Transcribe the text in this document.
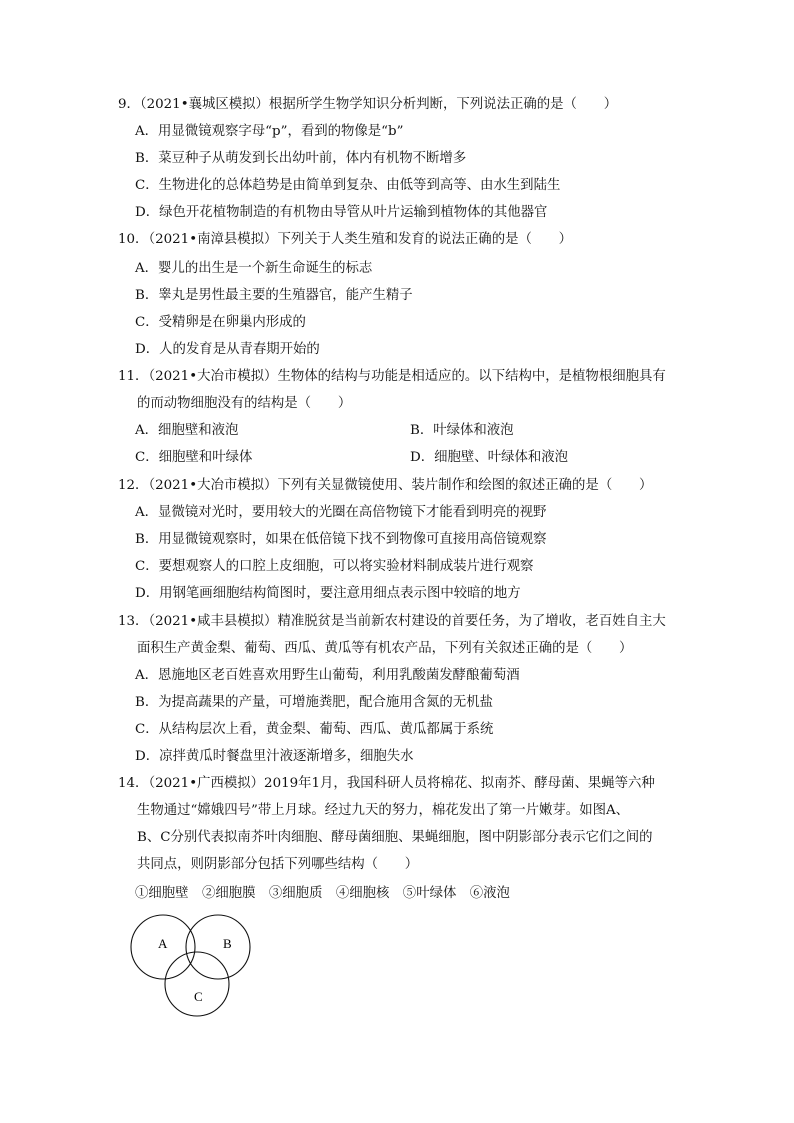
9．（2021•襄城区模拟）根据所学生物学知识分析判断，下列说法正确的是（　　）
A．用显微镜观察字母“p”，看到的物像是“b”
B．菜豆种子从萌发到长出幼叶前，体内有机物不断增多
C．生物进化的总体趋势是由简单到复杂、由低等到高等、由水生到陆生
D．绿色开花植物制造的有机物由导管从叶片运输到植物体的其他器官
10．（2021•南漳县模拟）下列关于人类生殖和发育的说法正确的是（　　）
A．婴儿的出生是一个新生命诞生的标志
B．睾丸是男性最主要的生殖器官，能产生精子
C．受精卵是在卵巢内形成的
D．人的发育是从青春期开始的
11．（2021•大冶市模拟）生物体的结构与功能是相适应的。以下结构中，是植物根细胞具有
的而动物细胞没有的结构是（　　）
A．细胞壁和液泡	B．叶绿体和液泡
C．细胞壁和叶绿体	D．细胞壁、叶绿体和液泡
12．（2021•大冶市模拟）下列有关显微镜使用、装片制作和绘图的叙述正确的是（　　）
A．显微镜对光时，要用较大的光圈在高倍物镜下才能看到明亮的视野
B．用显微镜观察时，如果在低倍镜下找不到物像可直接用高倍镜观察
C．要想观察人的口腔上皮细胞，可以将实验材料制成装片进行观察
D．用钢笔画细胞结构简图时，要注意用细点表示图中较暗的地方
13．（2021•咸丰县模拟）精准脱贫是当前新农村建设的首要任务，为了增收，老百姓自主大
面积生产黄金梨、葡萄、西瓜、黄瓜等有机农产品，下列有关叙述正确的是（　　）
A．恩施地区老百姓喜欢用野生山葡萄，利用乳酸菌发酵酿葡萄酒
B．为提高蔬果的产量，可增施粪肥，配合施用含氮的无机盐
C．从结构层次上看，黄金梨、葡萄、西瓜、黄瓜都属于系统
D．凉拌黄瓜时餐盘里汁液逐渐增多，细胞失水
14．（2021•广西模拟）2019年1月，我国科研人员将棉花、拟南芥、酵母菌、果蝇等六种
生物通过“嫦娥四号”带上月球。经过九天的努力，棉花发出了第一片嫩芽。如图A、
B、C分别代表拟南芥叶肉细胞、酵母菌细胞、果蝇细胞，图中阴影部分表示它们之间的
共同点，则阴影部分包括下列哪些结构（　　）
①细胞壁　②细胞膜　③细胞质　④细胞核　⑤叶绿体　⑥液泡
A	B
C
